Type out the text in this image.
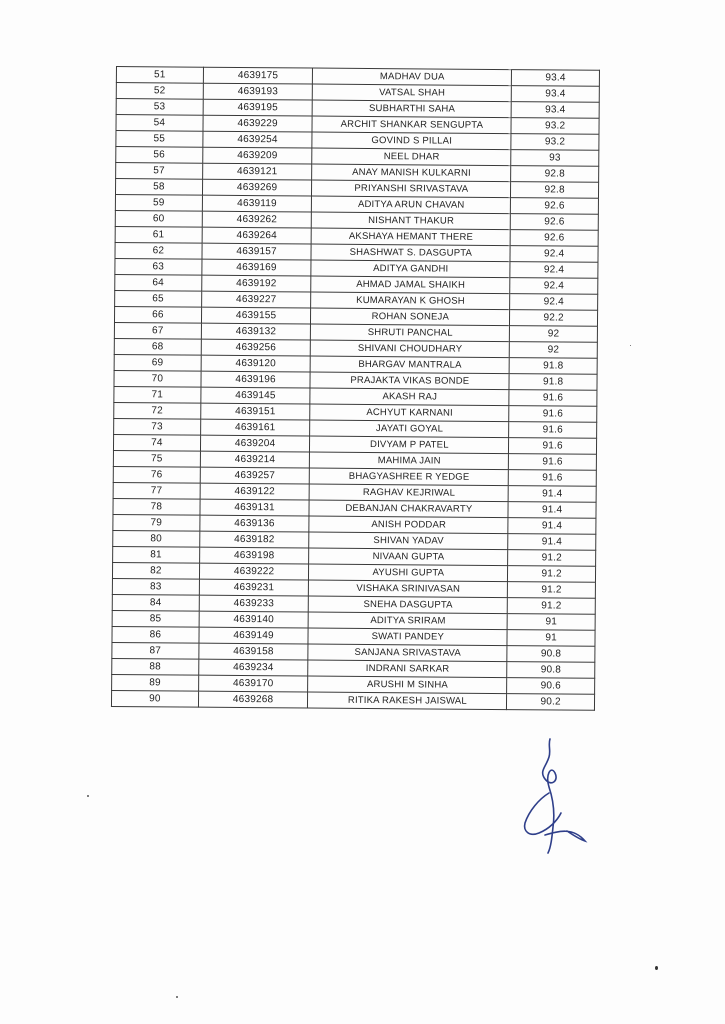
51	4639175	MADHAV DUA	93.4
52	4639193	VATSAL SHAH	93.4
53	4639195	SUBHARTHI SAHA	93.4
54	4639229	ARCHIT SHANKAR SENGUPTA	93.2
55	4639254	GOVIND S PILLAI	93.2
56	4639209	NEEL DHAR	93
57	4639121	ANAY MANISH KULKARNI	92.8
58	4639269	PRIYANSHI SRIVASTAVA	92.8
59	4639119	ADITYA ARUN CHAVAN	92.6
60	4639262	NISHANT THAKUR	92.6
61	4639264	AKSHAYA HEMANT THERE	92.6
62	4639157	SHASHWAT S. DASGUPTA	92.4
63	4639169	ADITYA GANDHI	92.4
64	4639192	AHMAD JAMAL SHAIKH	92.4
65	4639227	KUMARAYAN K GHOSH	92.4
66	4639155	ROHAN SONEJA	92.2
67	4639132	SHRUTI PANCHAL	92
68	4639256	SHIVANI CHOUDHARY	92
69	4639120	BHARGAV MANTRALA	91.8
70	4639196	PRAJAKTA VIKAS BONDE	91.8
71	4639145	AKASH RAJ	91.6
72	4639151	ACHYUT KARNANI	91.6
73	4639161	JAYATI GOYAL	91.6
74	4639204	DIVYAM P PATEL	91.6
75	4639214	MAHIMA JAIN	91.6
76	4639257	BHAGYASHREE R YEDGE	91.6
77	4639122	RAGHAV KEJRIWAL	91.4
78	4639131	DEBANJAN CHAKRAVARTY	91.4
79	4639136	ANISH PODDAR	91.4
80	4639182	SHIVAN YADAV	91.4
81	4639198	NIVAAN GUPTA	91.2
82	4639222	AYUSHI GUPTA	91.2
83	4639231	VISHAKA SRINIVASAN	91.2
84	4639233	SNEHA DASGUPTA	91.2
85	4639140	ADITYA SRIRAM	91
86	4639149	SWATI PANDEY	91
87	4639158	SANJANA SRIVASTAVA	90.8
88	4639234	INDRANI SARKAR	90.8
89	4639170	ARUSHI M SINHA	90.6
90	4639268	RITIKA RAKESH JAISWAL	90.2
